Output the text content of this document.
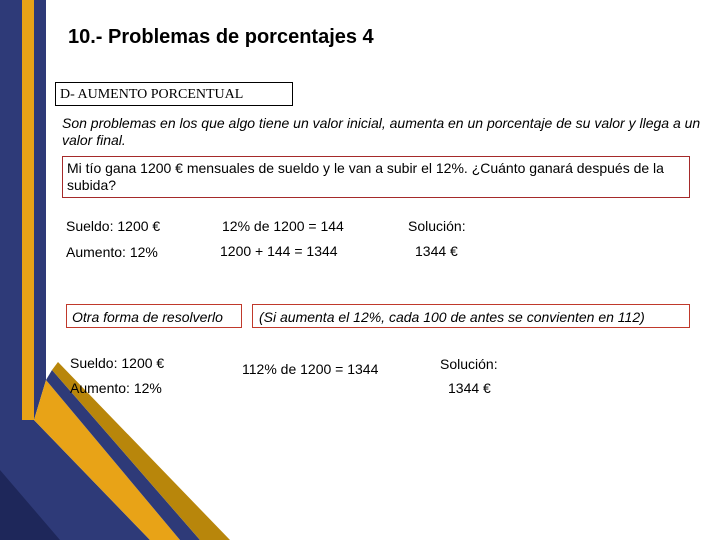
10.- Problemas de porcentajes 4
D- AUMENTO PORCENTUAL
Son problemas en los que algo tiene un valor inicial, aumenta en un porcentaje de su valor y llega a un valor final.
Mi tío gana 1200 € mensuales de sueldo y le van a subir el 12%. ¿Cuánto ganará después de la subida?
Sueldo: 1200 €
Aumento: 12%
12% de 1200 = 144
1200 + 144 = 1344
Solución:
1344 €
Otra forma de resolverlo	(Si aumenta el 12%, cada 100 de antes se convienten en 112)
Sueldo: 1200 €
Aumento: 12%
112% de 1200 = 1344	Solución:
1344 €
